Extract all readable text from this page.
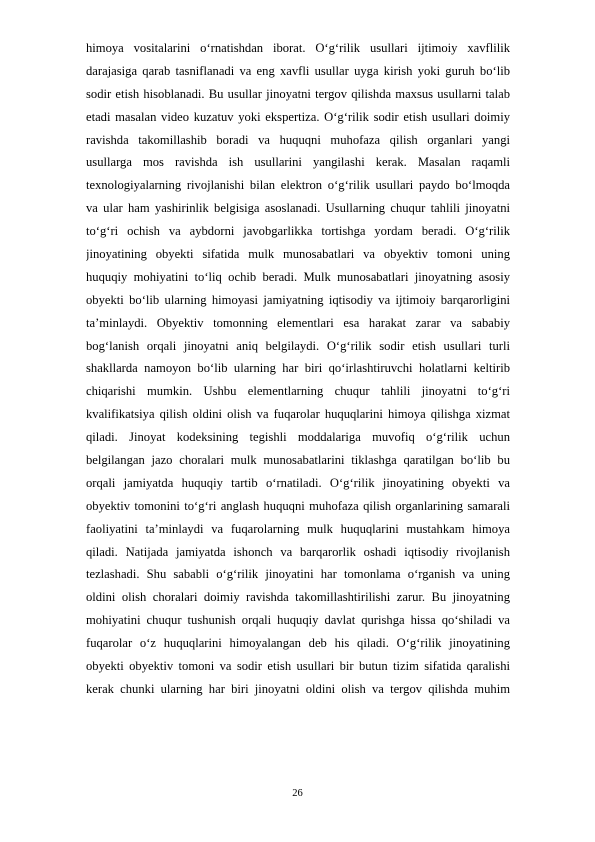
himoya vositalarini o‘rnatishdan iborat. O‘g‘rilik usullari ijtimoiy xavflilik
darajasiga qarab tasniflanadi va eng xavfli usullar uyga kirish yoki guruh bo‘lib
sodir etish hisoblanadi. Bu usullar jinoyatni tergov qilishda maxsus usullarni talab
etadi masalan video kuzatuv yoki ekspertiza. O‘g‘rilik sodir etish usullari doimiy
ravishda takomillashib boradi va huquqni muhofaza qilish organlari yangi
usullarga mos ravishda ish usullarini yangilashi kerak. Masalan raqamli
texnologiyalarning rivojlanishi bilan elektron o‘g‘rilik usullari paydo bo‘lmoqda
va ular ham yashirinlik belgisiga asoslanadi. Usullarning chuqur tahlili jinoyatni
to‘g‘ri ochish va aybdorni javobgarlikka tortishga yordam beradi. O‘g‘rilik
jinoyatining obyekti sifatida mulk munosabatlari va obyektiv tomoni uning
huquqiy mohiyatini to‘liq ochib beradi. Mulk munosabatlari jinoyatning asosiy
obyekti bo‘lib ularning himoyasi jamiyatning iqtisodiy va ijtimoiy barqarorligini
ta’minlaydi. Obyektiv tomonning elementlari esa harakat zarar va sababiy
bog‘lanish orqali jinoyatni aniq belgilaydi. O‘g‘rilik sodir etish usullari turli
shakllarda namoyon bo‘lib ularning har biri qo‘irlashtiruvchi holatlarni keltirib
chiqarishi mumkin. Ushbu elementlarning chuqur tahlili jinoyatni to‘g‘ri
kvalifikatsiya qilish oldini olish va fuqarolar huquqlarini himoya qilishga xizmat
qiladi. Jinoyat kodeksining tegishli moddalariga muvofiq o‘g‘rilik uchun
belgilangan jazo choralari mulk munosabatlarini tiklashga qaratilgan bo‘lib bu
orqali jamiyatda huquqiy tartib o‘rnatiladi. O‘g‘rilik jinoyatining obyekti va
obyektiv tomonini to‘g‘ri anglash huquqni muhofaza qilish organlarining samarali
faoliyatini ta’minlaydi va fuqarolarning mulk huquqlarini mustahkam himoya
qiladi. Natijada jamiyatda ishonch va barqarorlik oshadi iqtisodiy rivojlanish
tezlashadi. Shu sababli o‘g‘rilik jinoyatini har tomonlama o‘rganish va uning
oldini olish choralari doimiy ravishda takomillashtirilishi zarur. Bu jinoyatning
mohiyatini chuqur tushunish orqali huquqiy davlat qurishga hissa qo‘shiladi va
fuqarolar o‘z huquqlarini himoyalangan deb his qiladi. O‘g‘rilik jinoyatining
obyekti obyektiv tomoni va sodir etish usullari bir butun tizim sifatida qaralishi
kerak chunki ularning har biri jinoyatni oldini olish va tergov qilishda muhim
26
